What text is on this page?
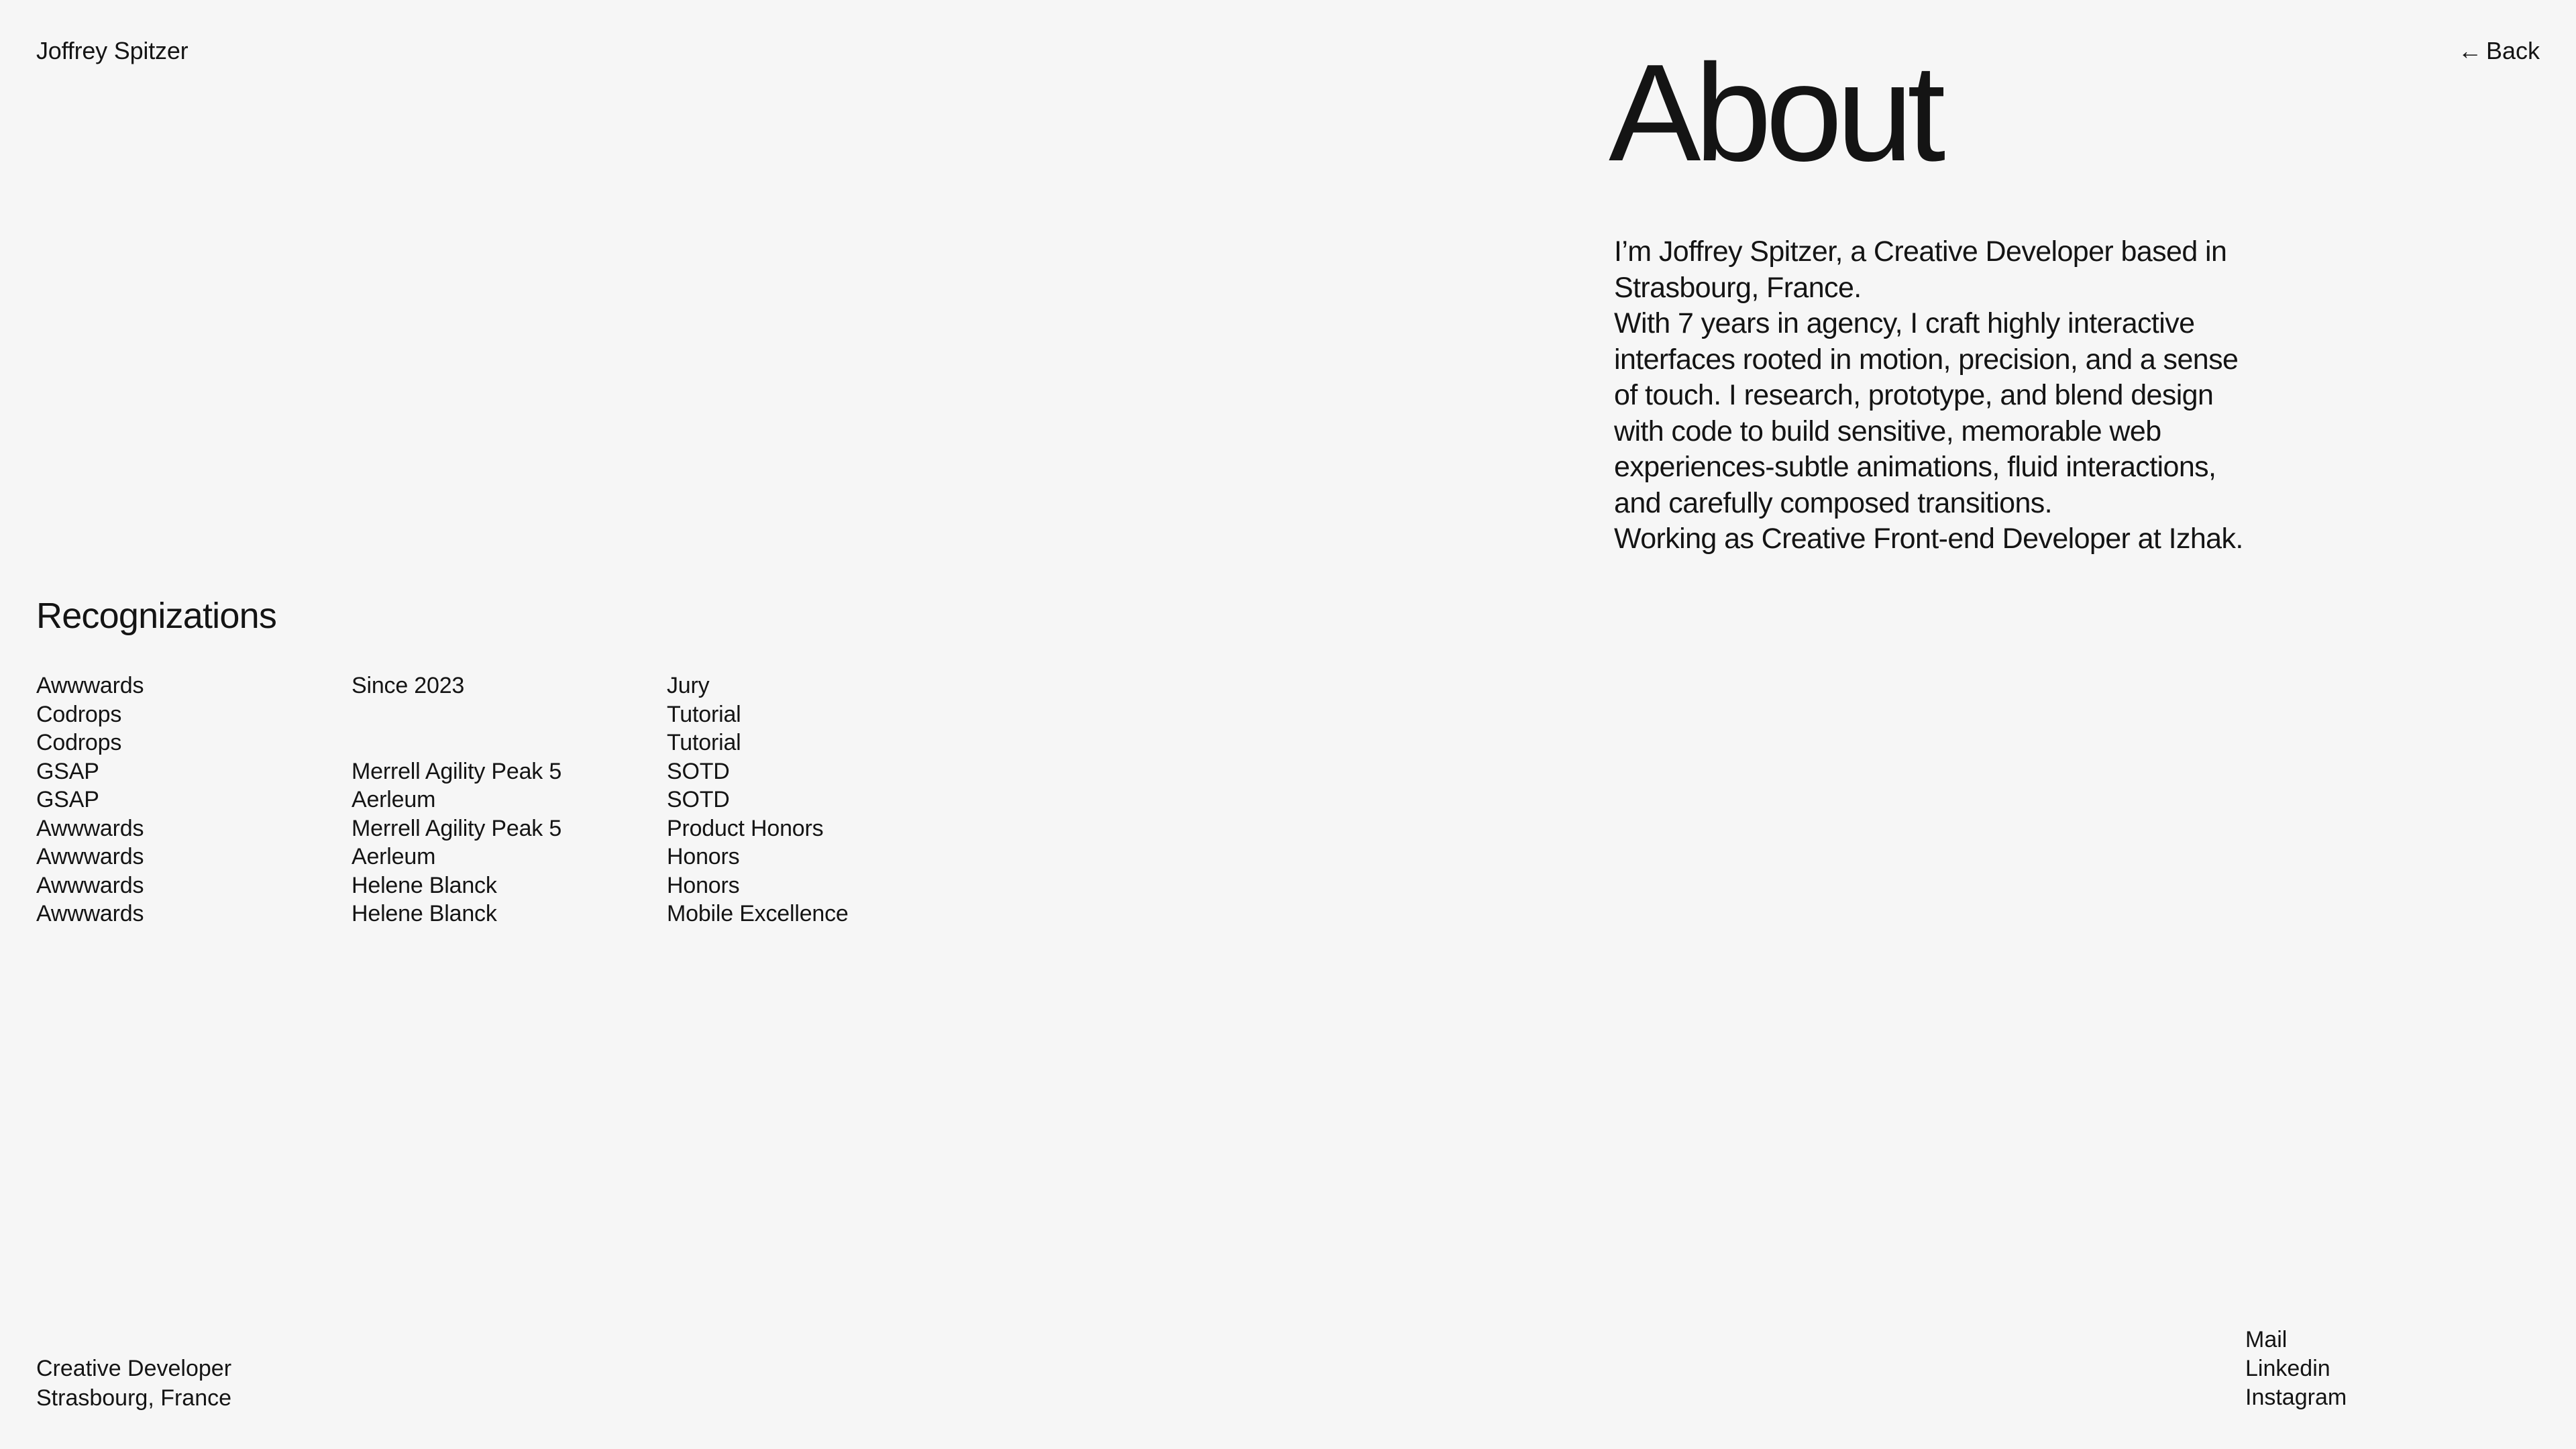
Joffrey Spitzer	← Back
About

I’m Joffrey Spitzer, a Creative Developer based in Strasbourg, France.

With 7 years in agency, I craft highly interactive interfaces rooted in motion, precision, and a sense of touch. I research, prototype, and blend design with code to build sensitive, memorable web experiences-subtle animations, fluid interactions, and carefully composed transitions.

Working as Creative Front-end Developer at Izhak.

Recognizations
Awwwards	Since 2023	Jury
Codrops		Tutorial
Codrops		Tutorial
GSAP	Merrell Agility Peak 5	SOTD
GSAP	Aerleum	SOTD
Awwwards	Merrell Agility Peak 5	Product Honors
Awwwards	Aerleum	Honors
Awwwards	Helene Blanck	Honors
Awwwards	Helene Blanck	Mobile Excellence
Creative Developer
Strasbourg, France
Mail
Linkedin
Instagram
